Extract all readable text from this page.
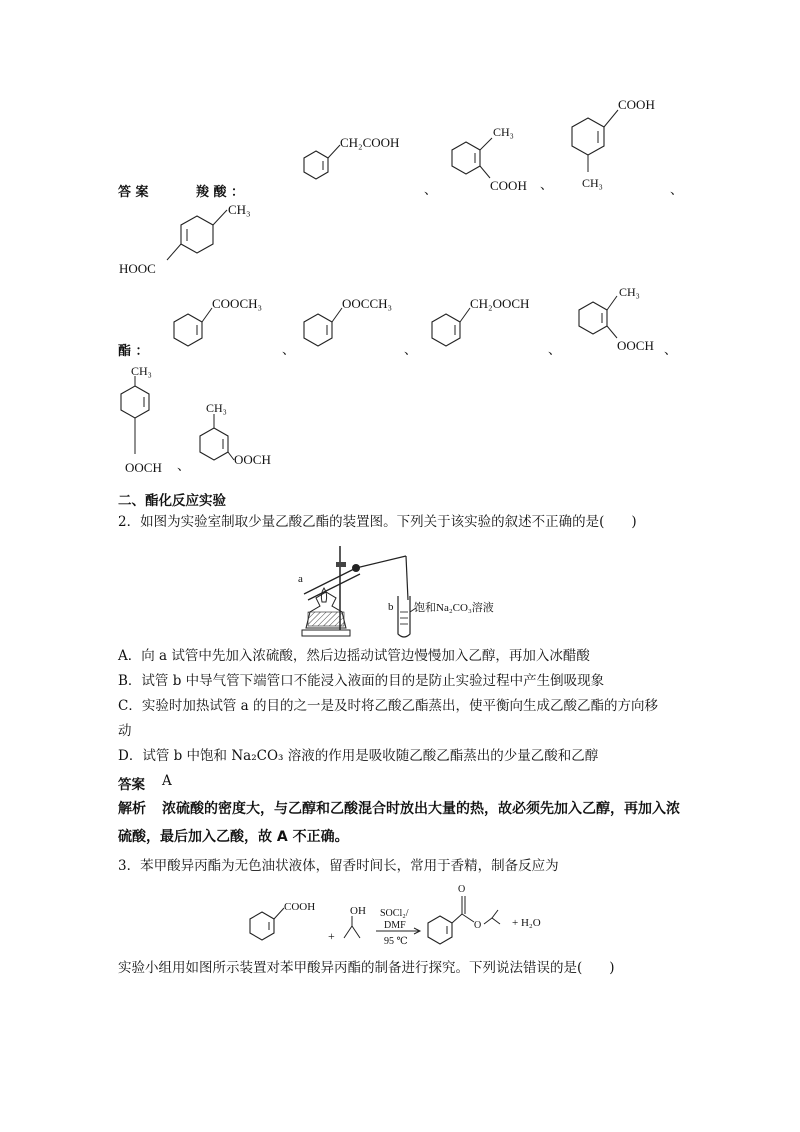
答 案	羧 酸 ：
CH₂COOH
、
CH₃
COOH 、
COOH
CH₃	、
CH₃
HOOC
酯 ：
COOCH₃
、
OOCCH₃
、
CH₂OOCH
、
CH₃
OOCH 、
CH₃
OOCH 、
CH₃
OOCH
二、酯化反应实验
2．如图为实验室制取少量乙酸乙酯的装置图。下列关于该实验的叙述不正确的是(　　)
a
b 饱和Na₂CO₃溶液
A．向 a 试管中先加入浓硫酸，然后边摇动试管边慢慢加入乙醇，再加入冰醋酸
B．试管 b 中导气管下端管口不能浸入液面的目的是防止实验过程中产生倒吸现象
C．实验时加热试管 a 的目的之一是及时将乙酸乙酯蒸出，使平衡向生成乙酸乙酯的方向移
动
D．试管 b 中饱和 Na₂CO₃ 溶液的作用是吸收随乙酸乙酯蒸出的少量乙酸和乙醇
答案 A
解析 浓硫酸的密度大，与乙醇和乙酸混合时放出大量的热，故必须先加入乙醇，再加入浓
硫酸，最后加入乙酸，故 A 不正确。
3．苯甲酸异丙酯为无色油状液体，留香时间长，常用于香精，制备反应为
COOH
+
OH SOCl₂/
DMF
95 ℃
O
O	+ H₂O
实验小组用如图所示装置对苯甲酸异丙酯的制备进行探究。下列说法错误的是(　　)
